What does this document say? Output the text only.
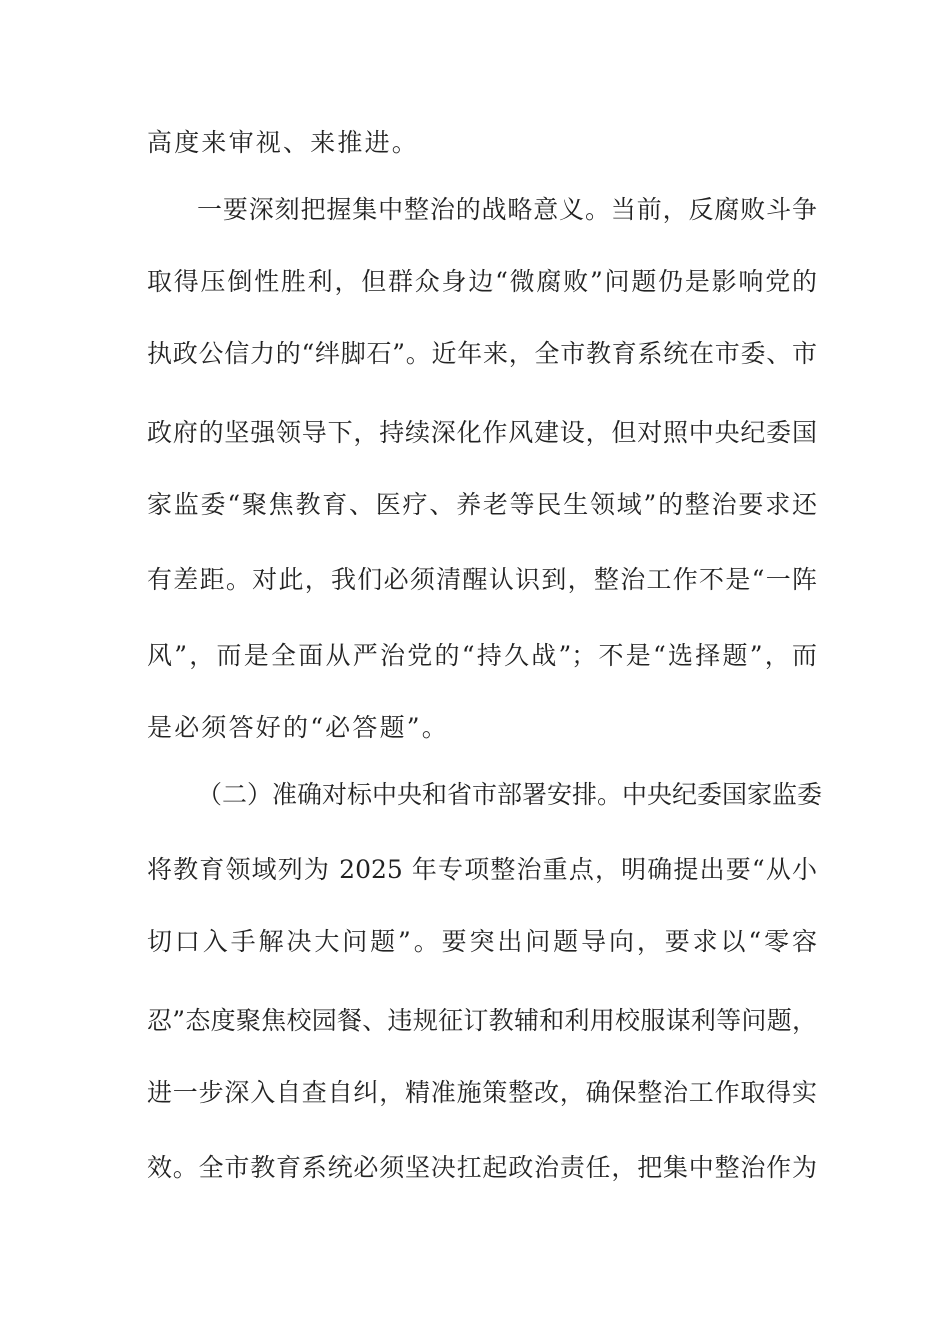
高度来审视、来推进。
一要深刻把握集中整治的战略意义。当前，反腐败斗争
取得压倒性胜利，但群众身边“微腐败”问题仍是影响党的
执政公信力的“绊脚石”。近年来，全市教育系统在市委、市
政府的坚强领导下，持续深化作风建设，但对照中央纪委国
家监委“聚焦教育、医疗、养老等民生领域”的整治要求还
有差距。对此，我们必须清醒认识到，整治工作不是“一阵
风”，而是全面从严治党的“持久战”；不是“选择题”，而
是必须答好的“必答题”。
（二）准确对标中央和省市部署安排。中央纪委国家监委
将教育领域列为 2025 年专项整治重点，明确提出要“从小
切口入手解决大问题”。要突出问题导向，要求以“零容
忍”态度聚焦校园餐、违规征订教辅和利用校服谋利等问题，
进一步深入自查自纠，精准施策整改，确保整治工作取得实
效。全市教育系统必须坚决扛起政治责任，把集中整治作为
